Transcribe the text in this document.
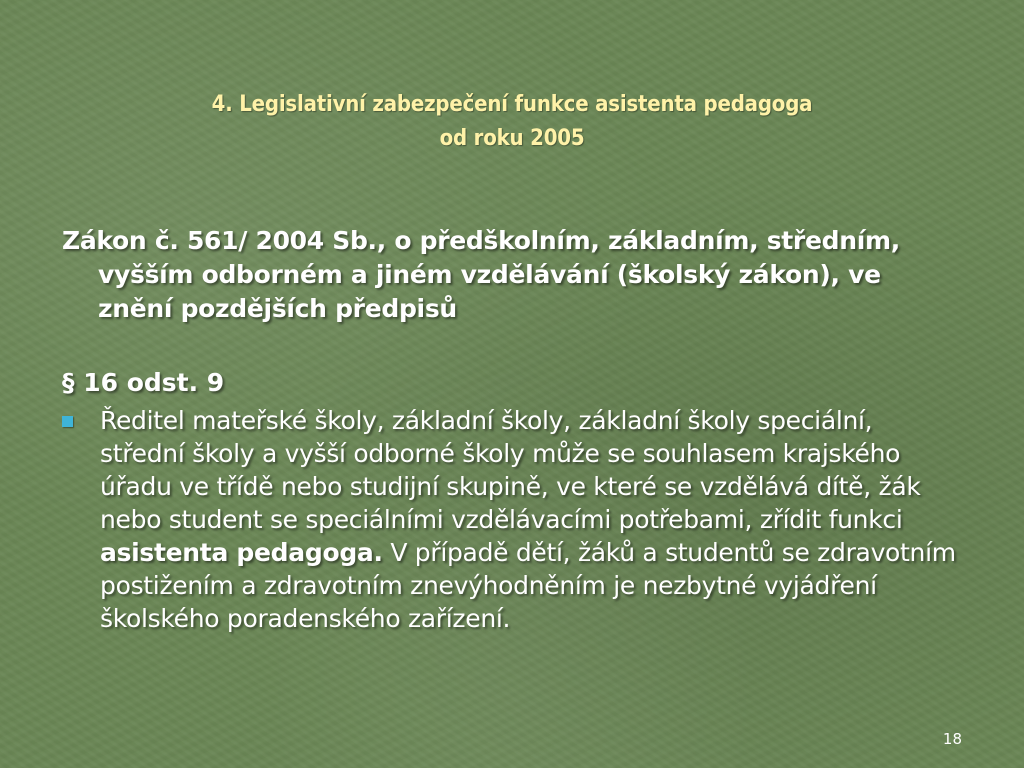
4. Legislativní zabezpečení funkce asistenta pedagoga
od roku 2005

Zákon č. 561/ 2004 Sb., o předškolním, základním, středním, vyšším odborném a jiném vzdělávání (školský zákon), ve znění pozdějších předpisů

§ 16 odst. 9
Ředitel mateřské školy, základní školy, základní školy speciální, střední školy a vyšší odborné školy může se souhlasem krajského úřadu ve třídě nebo studijní skupině, ve které se vzdělává dítě, žák nebo student se speciálními vzdělávacími potřebami, zřídit funkci asistenta pedagoga. V případě dětí, žáků a studentů se zdravotním postižením a zdravotním znevýhodněním je nezbytné vyjádření školského poradenského zařízení.
18
